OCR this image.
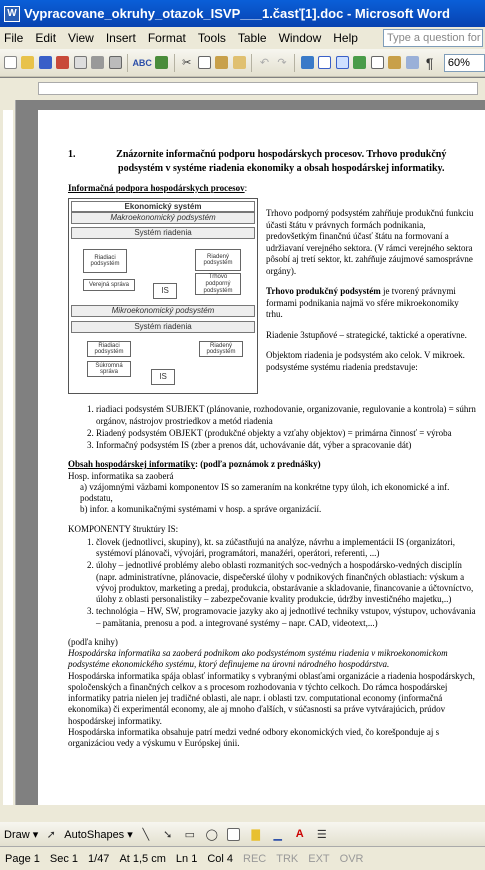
W Vypracovane_okruhy_otazok_ISVP___1.časť[1].doc - Microsoft Word
File	Edit	View	Insert	Format	Tools	Table	Window	Help	Type a question for
ABC	✂	↶ ↷	¶	60%
1.	Znázornite informačnú podporu hospodárskych procesov. Trhovo produkčný podsystém v systéme riadenia ekonomiky a obsah hospodárskej informatiky.
Informačná podpora hospodárskych procesov:
Ekonomický systém
Makroekonomický podsystém
Systém riadenia
Riadiaci podsystém
Riadený podsystém
Verejná správa
Trhovo podporný podsystém
IS
Mikroekonomický podsystém
Systém riadenia
Riadiaci podsystém
Riadený podsystém
Súkromná správa	IS

Trhovo podporný podsystém zahŕňuje produkčnú funkciu účasti štátu v právnych formách podnikania, predovšetkým finančnú účasť štátu na formovaní a udržiavaní verejného sektora. (V rámci verejného sektora pôsobí aj tretí sektor, kt. zahŕňuje záujmové samosprávne orgány).

Trhovo produkčný podsystém je tvorený právnymi formami podnikania najmä vo sfére mikroekonomiky trhu.

Riadenie 3stupňové – strategické, taktické a operatívne.

Objektom riadenia je podsystém ako celok. V mikroek. podsystéme systému riadenia predstavuje:

1. riadiaci podsystém SUBJEKT (plánovanie, rozhodovanie, organizovanie, regulovanie a kontrola) = súhrn orgánov, nástrojov prostriedkov a metód riadenia
2. Riadený podsystém OBJEKT (produkčné objekty a vzťahy objektov) = primárna činnosť = výroba
3. Informačný podsystém IS (zber a prenos dát, uchovávanie dát, výber a spracovanie dát)
Obsah hospodárskej informatiky: (podľa poznámok z prednášky)
Hosp. informatika sa zaoberá
a) vzájomnými väzbami komponentov IS so zameraním na konkrétne typy úloh, ich ekonomické a inf. podstatu,
b) infor. a komunikačnými systémami v hosp. a správe organizácií.
KOMPONENTY štruktúry IS:
1. človek (jednotlivci, skupiny), kt. sa zúčastňujú na analýze, návrhu a implementácii IS (organizátori, systémoví plánovači, vývojári, programátori, manažéri, operátori, referenti, ...)
2. úlohy – jednotlivé problémy alebo oblasti rozmanitých soc-vedných a hospodársko-vedných disciplín (napr. administratívne, plánovacie, dispečerské úlohy v podnikových finančných oblastiach: výskum a vývoj produktov, marketing a predaj, produkcia, obstarávanie a skladovanie, financovanie a účtovníctvo, úlohy z oblasti personalistiky – zabezpečovanie kvality produkcie, údržby investičného majetku,..)
3. technológia – HW, SW, programovacie jazyky ako aj jednotlivé techniky vstupov, výstupov, uchovávania – pamätania, prenosu a pod. a integrované systémy – napr. CAD, videotext,...)
(podľa knihy)
Hospodárska informatika sa zaoberá podnikom ako podsystémom systému riadenia v mikroekonomickom podsystéme ekonomického systému, ktorý definujeme na úrovni národného hospodárstva.
Hospodárska informatika spája oblasť informatiky s vybranými oblasťami organizácie a riadenia hospodárskych, spoločenských a finančných celkov a s procesom rozhodovania v týchto celkoch. Do rámca hospodárskej informatiky patria nielen jej tradičné oblasti, ale napr. i oblasti tzv. computational economy (informačná ekonomika) či experimentál economy, ale aj mnoho ďalších, v súčasnosti sa práve vytvárajúcich, prúdov hospodárskej informatiky.
Hospodárska informatika obsahuje patrí medzi vedné odbory ekonomických vied, čo korešponduje aj s organizáciou vedy a výskumu v Európskej únii.
Draw ▾ ➚ AutoShapes ▾ ╲	➘	▭ ◯	▇	▁	A	☰
Page 1 Sec 1 1/47 At 1,5 cm Ln 1 Col 4 REC TRK EXT OVR
